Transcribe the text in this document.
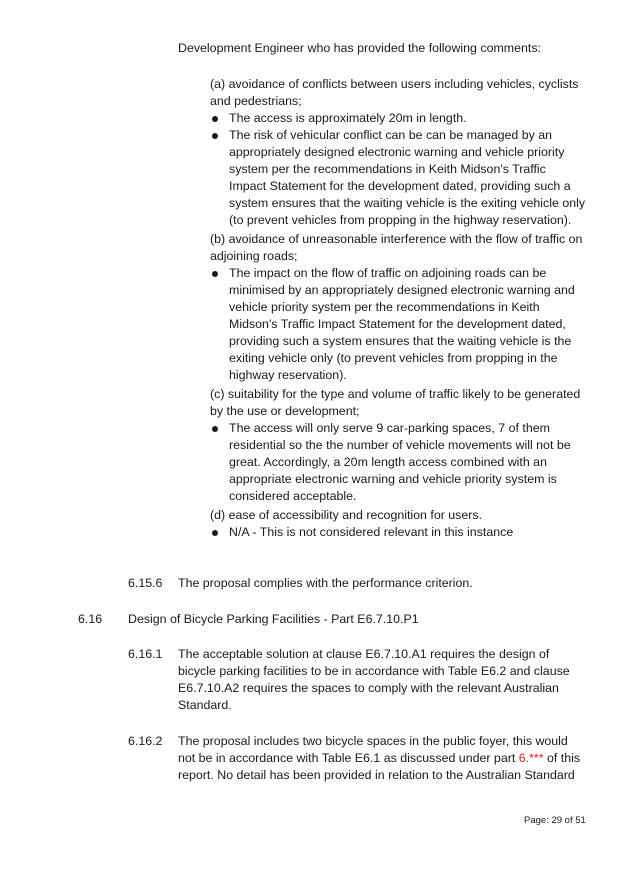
Development Engineer who has provided the following comments:
(a) avoidance of conflicts between users including vehicles, cyclists
and pedestrians;
The access is approximately 20m in length.
The risk of vehicular conflict can be can be managed by an
appropriately designed electronic warning and vehicle priority
system per the recommendations in Keith Midson's Traffic
Impact Statement for the development dated, providing such a
system ensures that the waiting vehicle is the exiting vehicle only
(to prevent vehicles from propping in the highway reservation).
(b) avoidance of unreasonable interference with the flow of traffic on
adjoining roads;
The impact on the flow of traffic on adjoining roads can be
minimised by an appropriately designed electronic warning and
vehicle priority system per the recommendations in Keith
Midson's Traffic Impact Statement for the development dated,
providing such a system ensures that the waiting vehicle is the
exiting vehicle only (to prevent vehicles from propping in the
highway reservation).
(c) suitability for the type and volume of traffic likely to be generated
by the use or development;
The access will only serve 9 car-parking spaces, 7 of them
residential so the the number of vehicle movements will not be
great. Accordingly, a 20m length access combined with an
appropriate electronic warning and vehicle priority system is
considered acceptable.
(d) ease of accessibility and recognition for users.
N/A - This is not considered relevant in this instance
6.15.6 The proposal complies with the performance criterion.
6.16 Design of Bicycle Parking Facilities - Part E6.7.10.P1
6.16.1 The acceptable solution at clause E6.7.10.A1 requires the design of
bicycle parking facilities to be in accordance with Table E6.2 and clause
E6.7.10.A2 requires the spaces to comply with the relevant Australian
Standard.
6.16.2 The proposal includes two bicycle spaces in the public foyer, this would
not be in accordance with Table E6.1 as discussed under part 6.*** of this
report. No detail has been provided in relation to the Australian Standard
Page: 29 of 51
